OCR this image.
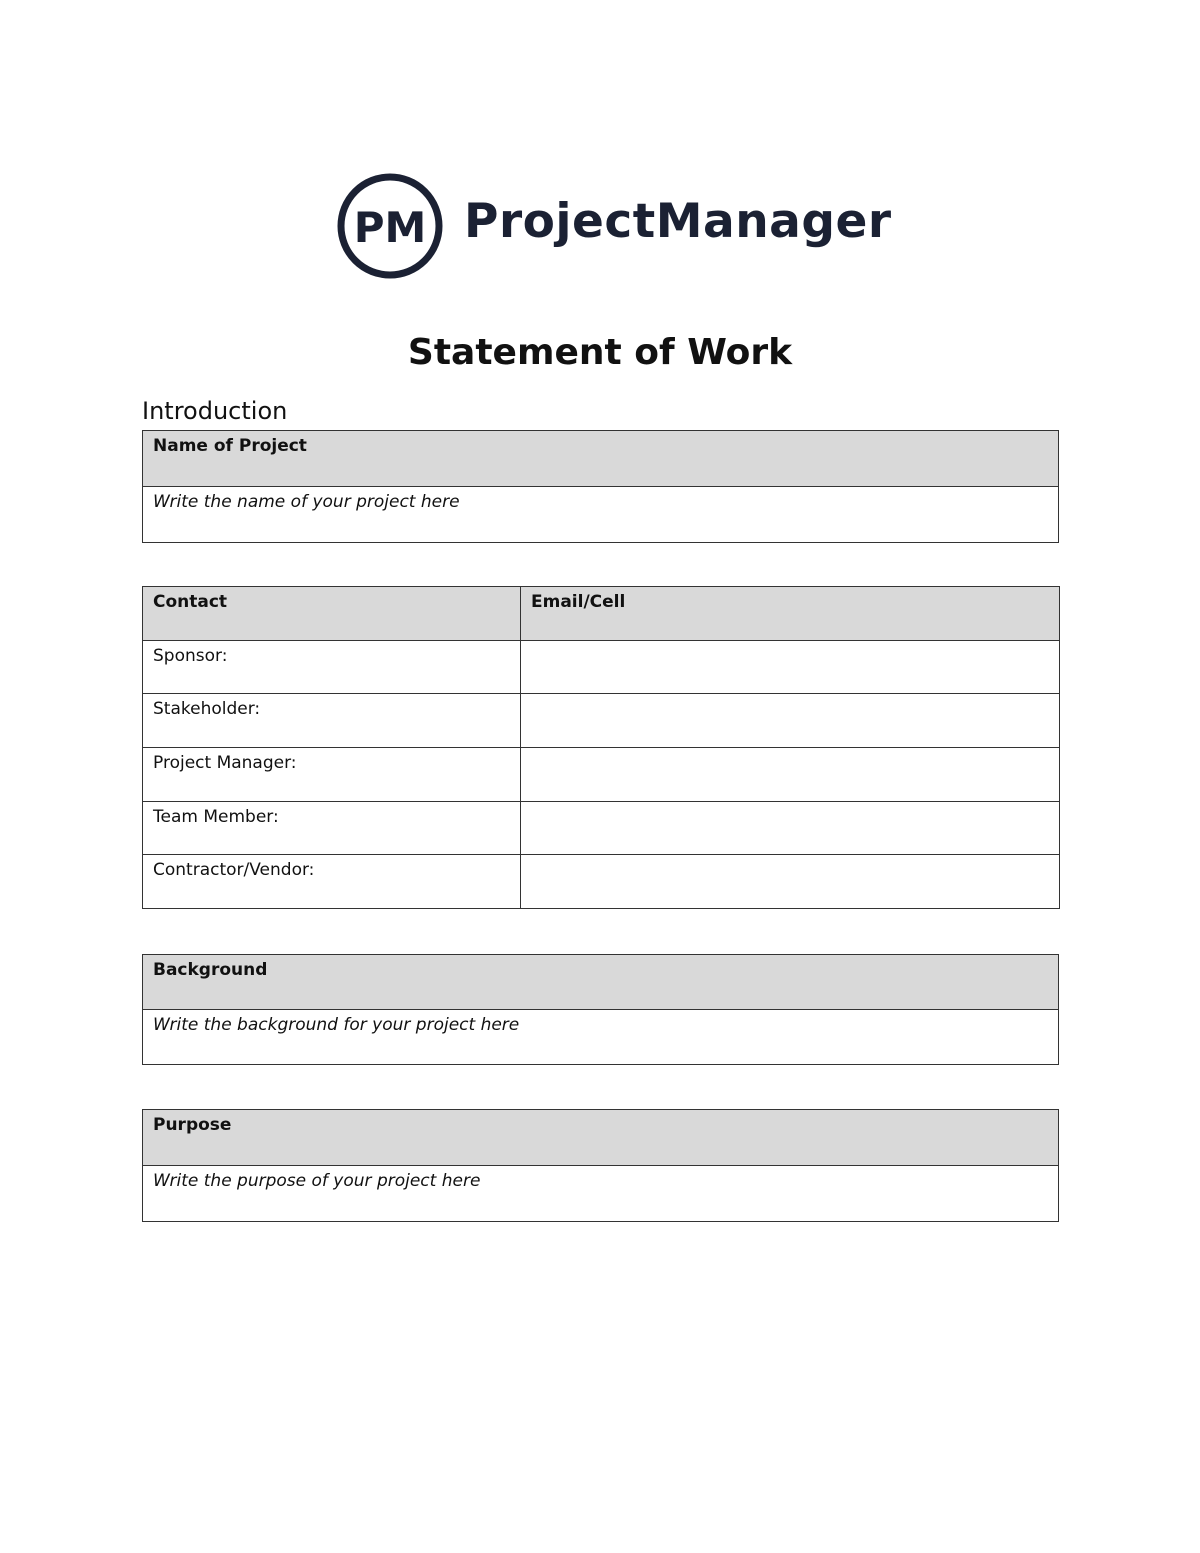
PM ProjectManager
Statement of Work
Introduction
Name of Project
Write the name of your project here
Contact	Email/Cell
Sponsor:	
Stakeholder:	
Project Manager:	
Team Member:	
Contractor/Vendor:	
Background
Write the background for your project here
Purpose
Write the purpose of your project here
